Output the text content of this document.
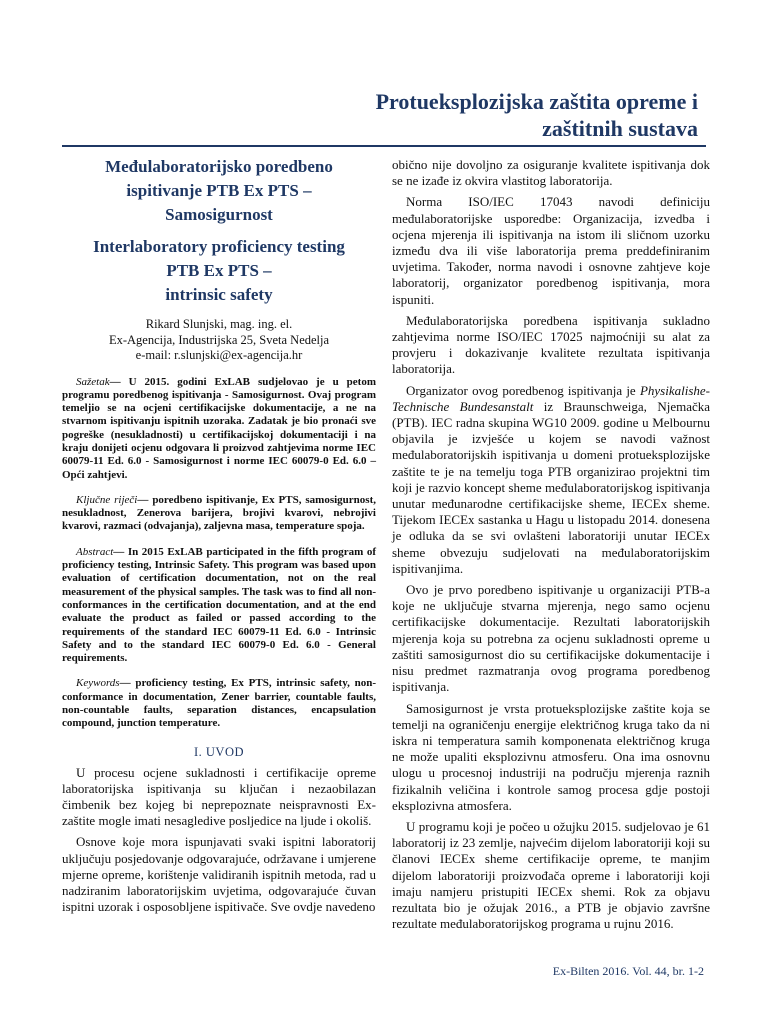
Protueksplozijska zaštita opreme i
zaštitnih sustava
Međulaboratorijsko poredbeno
ispitivanje PTB Ex PTS –
Samosigurnost
Interlaboratory proficiency testing
PTB Ex PTS –
intrinsic safety
Rikard Slunjski, mag. ing. el.
Ex-Agencija, Industrijska 25, Sveta Nedelja
e-mail: r.slunjski@ex-agencija.hr

Sažetak— U 2015. godini ExLAB sudjelovao je u petom programu poredbenog ispitivanja - Samosigurnost. Ovaj program temeljio se na ocjeni certifikacijske dokumentacije, a ne na stvarnom ispitivanju ispitnih uzoraka. Zadatak je bio pronaći sve pogreške (nesukladnosti) u certifikacijskoj dokumentaciji i na kraju donijeti ocjenu odgovara li proizvod zahtjevima norme IEC 60079-11 Ed. 6.0 - Samosigurnost i norme IEC 60079-0 Ed. 6.0 – Opći zahtjevi.

Ključne riječi— poredbeno ispitivanje, Ex PTS, samosigurnost, nesukladnost, Zenerova barijera, brojivi kvarovi, nebrojivi kvarovi, razmaci (odvajanja), zaljevna masa, temperature spoja.

Abstract— In 2015 ExLAB participated in the fifth program of proficiency testing, Intrinsic Safety. This program was based upon evaluation of certification documentation, not on the real measurement of the physical samples. The task was to find all non-conformances in the certification documentation, and at the end evaluate the product as failed or passed according to the requirements of the standard IEC 60079-11 Ed. 6.0 - Intrinsic Safety and to the standard IEC 60079-0 Ed. 6.0 - General requirements.

Keywords— proficiency testing, Ex PTS, intrinsic safety, non-conformance in documentation, Zener barrier, countable faults, non-countable faults, separation distances, encapsulation compound, junction temperature.

I. UVOD

U procesu ocjene sukladnosti i certifikacije opreme laboratorijska ispitivanja su ključan i nezaobilazan čimbenik bez kojeg bi neprepoznate neispravnosti Ex-zaštite mogle imati nesagledive posljedice na ljude i okoliš.

Osnove koje mora ispunjavati svaki ispitni laboratorij uključuju posjedovanje odgovarajuće, održavane i umjerene mjerne opreme, korištenje validiranih ispitnih metoda, rad u nadziranim laboratorijskim uvjetima, odgovarajuće čuvan ispitni uzorak i osposobljene ispitivače. Sve ovdje navedeno

obično nije dovoljno za osiguranje kvalitete ispitivanja dok se ne izađe iz okvira vlastitog laboratorija.

Norma ISO/IEC 17043 navodi definiciju međulaboratorijske usporedbe: Organizacija, izvedba i ocjena mjerenja ili ispitivanja na istom ili sličnom uzorku između dva ili više laboratorija prema preddefiniranim uvjetima. Također, norma navodi i osnovne zahtjeve koje laboratorij, organizator poredbenog ispitivanja, mora ispuniti.

Međulaboratorijska poredbena ispitivanja sukladno zahtjevima norme ISO/IEC 17025 najmoćniji su alat za provjeru i dokazivanje kvalitete rezultata ispitivanja laboratorija.

Organizator ovog poredbenog ispitivanja je Physikalishe-Technische Bundesanstalt iz Braunschweiga, Njemačka (PTB). IEC radna skupina WG10 2009. godine u Melbournu objavila je izvješće u kojem se navodi važnost međulaboratorijskih ispitivanja u domeni protueksplozijske zaštite te je na temelju toga PTB organizirao projektni tim koji je razvio koncept sheme međulaboratorijskog ispitivanja unutar međunarodne certifikacijske sheme, IECEx sheme. Tijekom IECEx sastanka u Hagu u listopadu 2014. donesena je odluka da se svi ovlašteni laboratoriji unutar IECEx sheme obvezuju sudjelovati na međulaboratorijskim ispitivanjima.

Ovo je prvo poredbeno ispitivanje u organizaciji PTB-a koje ne uključuje stvarna mjerenja, nego samo ocjenu certifikacijske dokumentacije. Rezultati laboratorijskih mjerenja koja su potrebna za ocjenu sukladnosti opreme u zaštiti samosigurnost dio su certifikacijske dokumentacije i nisu predmet razmatranja ovog programa poredbenog ispitivanja.

Samosigurnost je vrsta protueksplozijske zaštite koja se temelji na ograničenju energije električnog kruga tako da ni iskra ni temperatura samih komponenata električnog kruga ne može upaliti eksplozivnu atmosferu. Ona ima osnovnu ulogu u procesnoj industriji na području mjerenja raznih fizikalnih veličina i kontrole samog procesa gdje postoji eksplozivna atmosfera.

U programu koji je počeo u ožujku 2015. sudjelovao je 61 laboratorij iz 23 zemlje, najvećim dijelom laboratoriji koji su članovi IECEx sheme certifikacije opreme, te manjim dijelom laboratoriji proizvođača opreme i laboratoriji koji imaju namjeru pristupiti IECEx shemi. Rok za objavu rezultata bio je ožujak 2016., a PTB je objavio završne rezultate međulaboratorijskog programa u rujnu 2016.

Ex-Bilten 2016. Vol. 44, br. 1-2
